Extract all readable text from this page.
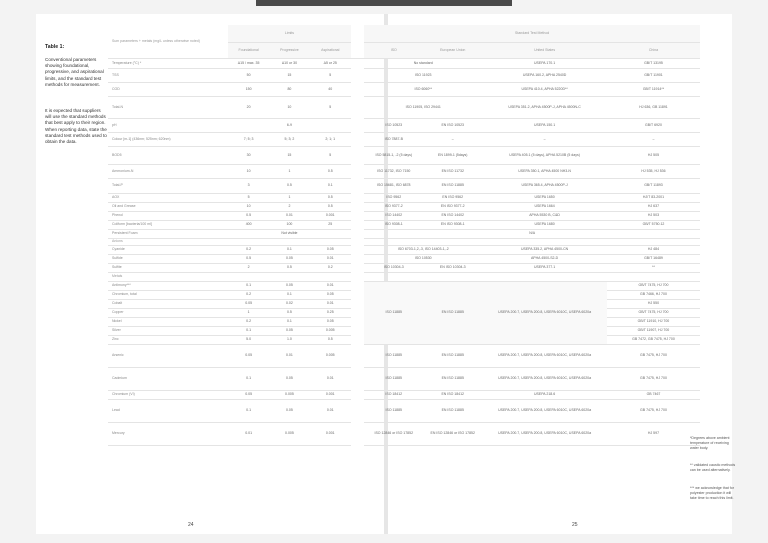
Table 1:
Conventional parameters showing foundational, progressive, and aspirational limits, and the standard test methods for measurement.
It is expected that suppliers will use the standard methods that best apply to their region. When reporting data, state the standard test methods used to obtain the data.
*Degrees above ambient temperature of receiving water body.
** validated caustic methods can be used alternatively.
*** we acknowledge that for polyester production it will take time to reach this limit.
24	25
Sum parameters + metals (mg/L unless otherwise noted)	Limits				Standard Test Method			
	Foundational	Progressive	Aspirational		ISO	European Union	United States	China
Temperature (°C) *	Δ15 / max. 35	Δ10 or 30	Δ5 or 25		No standard		USEPA 170.1	GB/T 13195
TSS	50	15	5		ISO 11923		USEPA 160.2, APHA 2540D	GB/T 11901
COD	150	80	40		ISO 6060**		USEPA 410.4, APHA 5220D**	GB/T 11914**
Total-N	20	10	5		ISO 11905, ISO 29441		USEPA 351.2, APHA 4500P-J, APHA 4500N-C	HJ 636, GB 11891
pH	6-9				ISO 10523	EN ISO 10523	USEPA 150.1	GB/T 6920
Colour [m-1] (436nm; 525nm; 620nm)	7; 5; 3	5; 3; 2	2; 1; 1		ISO 7887-B	–	–	–
BOD5	30	15	5		ISO 5815-1, -2 (5 days)	EN 1899-1 (5days)	USEPA 405.1 (5 days), APHA 5210B (5 days)	HJ 505
Ammonium-N	10	1	0.5		ISO 11732, ISO 7150	EN ISO 11732	USEPA 350.1, APHA 4500 NH3-N	HJ 535, HJ 536
Total-P	3	0.5	0.1		ISO 15681, ISO 6878	EN ISO 11885	USEPA 365.4, APHA 4500P-J	GB/T 11893
AOX	5	1	0.5		ISO 9562	EN ISO 9562	USEPA 1650	HJ/T 83-2001
Oil and Grease	10	2	0.5		ISO 9377-2	EN ISO 9377-2	USEPA 1664	HJ 637
Phenol	0.5	0.01	0.001		ISO 14402	EN ISO 14402	APHA 5530 B, C&D	HJ 503
Coliform [bacteria/100 ml]	400	100	25		ISO 9308-1	EN ISO 9308-1	USEPA 1680	GB/T 5750.12
Persistent Foam	Not visible				N/A			
Anions								
Cyanide	0.2	0.1	0.05		ISO 6703-1,2,-3, ISO 14403-1,-2		USEPA 335.2, APHA 4500-CN	HJ 484
Sulfide	0.5	0.05	0.01		ISO 10530		APHA 4500-S2-D	GB/T 16489
Sulfite	2	0.5	0.2		ISO 10304-3	EN ISO 10304-3	USEPA 377.1	**
Metals								
Antimony***	0.1	0.05	0.01		ISO 11885	EN ISO 11885	USEPA 200.7, USEPA 200.8, USEPA 6010C, USEPA 6020a	GB/T 7475, HJ 700
Chromium, total	0.2	0.1	0.05					GB 7466, HJ 700
Cobalt	0.05	0.02	0.01					HJ 550
Copper	1	0.5	0.25					GB/T 7475, HJ 700
Nickel	0.2	0.1	0.05					GB/T 11910, HJ 700
Silver	0.1	0.05	0.005					GB/T 11907, HJ 700
Zinc	5.0	1.0	0.5					GB 7472, GB 7475, HJ 700
Arsenic	0.05	0.01	0.005		ISO 11885	EN ISO 11885	USEPA 200.7, USEPA 200.8, USEPA 6010C, USEPA 6020a	GB 7475, HJ 700
Cadmium	0.1	0.05	0.01		ISO 11885	EN ISO 11885	USEPA 200.7, USEPA 200.8, USEPA 6010C, USEPA 6020a	GB 7475, HJ 700
Chromium (VI)	0.05	0.005	0.001		ISO 18412	EN ISO 18412	USEPA 218.6	GB 7467
Lead	0.1	0.05	0.01		ISO 11885	EN ISO 11885	USEPA 200.7, USEPA 200.8, USEPA 6010C, USEPA 6020a	GB 7475, HJ 700
Mercury	0.01	0.005	0.001		ISO 12846 or ISO 17852	EN ISO 12846 or ISO 17852	USEPA 200.7, USEPA 200.8, USEPA 6010C, USEPA 6020a	HJ 597
